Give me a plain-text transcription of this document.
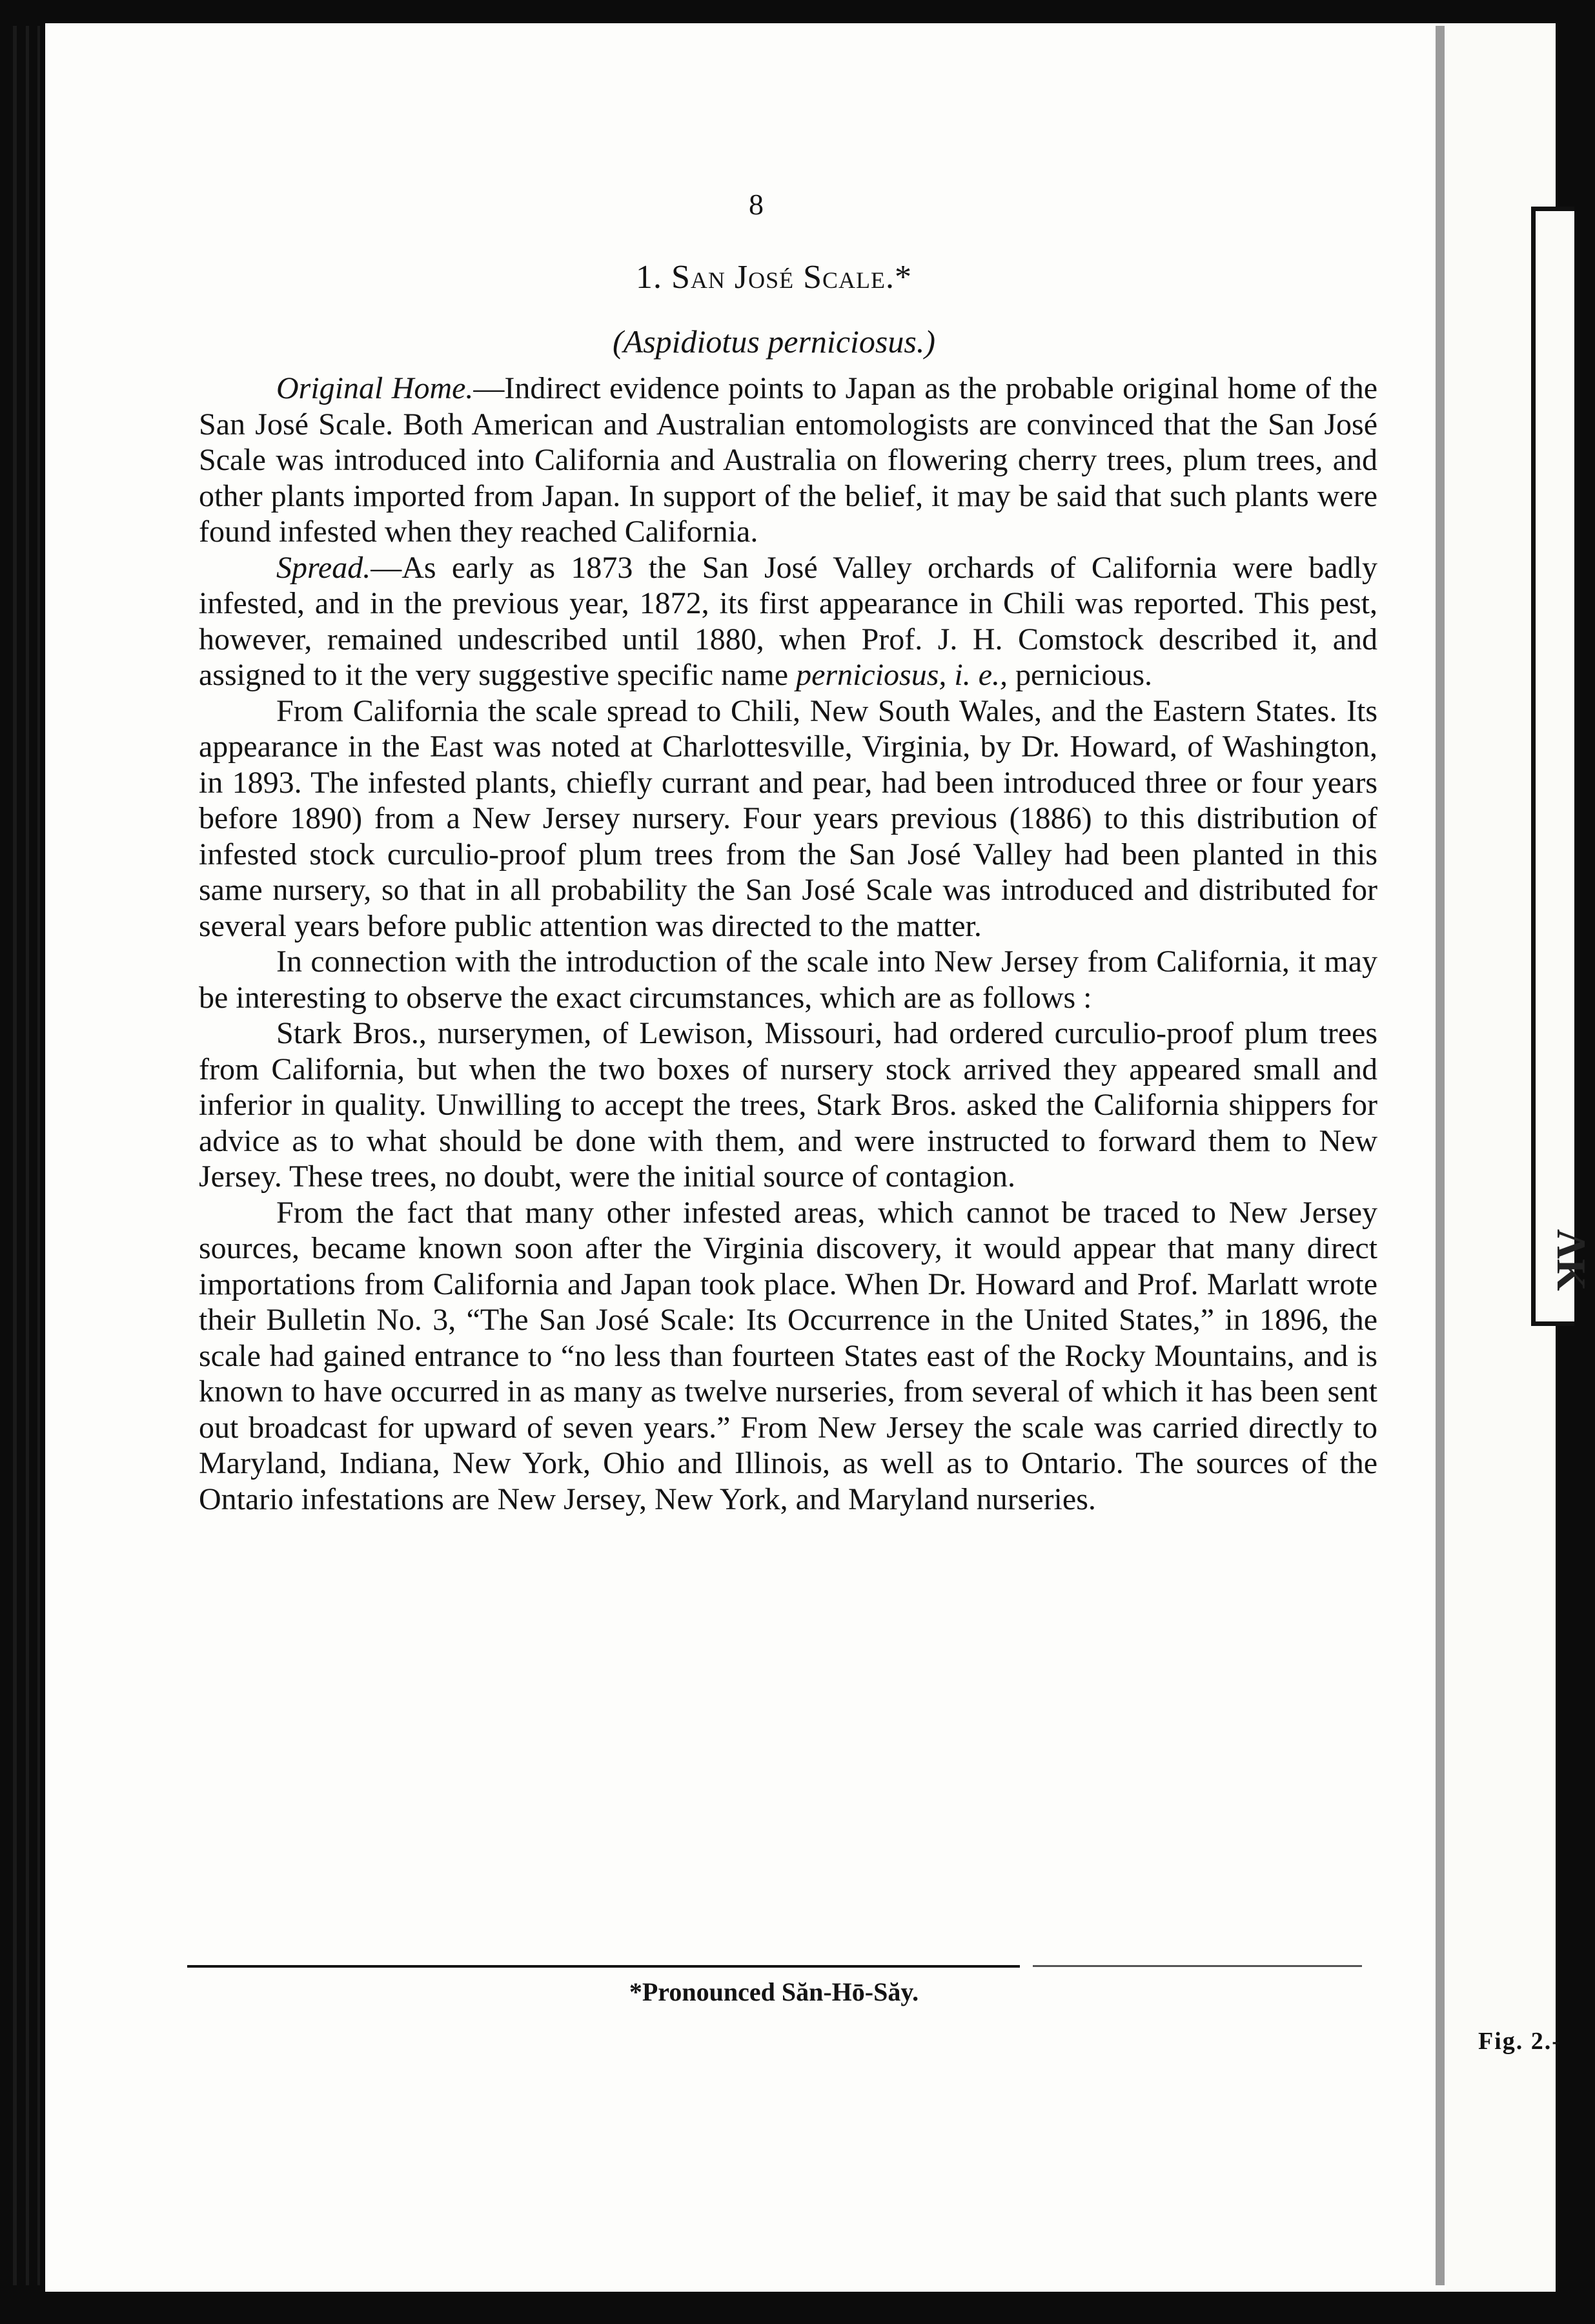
ɅK
Fig. 2.-

8

1. San José Scale.*

(Aspidiotus perniciosus.)

Original Home.—Indirect evidence points to Japan as the probable original home of the San José Scale. Both American and Australian entomologists are convinced that the San José Scale was introduced into California and Australia on flowering cherry trees, plum trees, and other plants imported from Japan. In support of the belief, it may be said that such plants were found infested when they reached California.

Spread.—As early as 1873 the San José Valley orchards of California were badly infested, and in the previous year, 1872, its first appearance in Chili was reported. This pest, however, remained undescribed until 1880, when Prof. J. H. Comstock described it, and assigned to it the very suggestive specific name perniciosus, i. e., pernicious.

From California the scale spread to Chili, New South Wales, and the Eastern States. Its appearance in the East was noted at Charlottesville, Virginia, by Dr. Howard, of Washington, in 1893. The infested plants, chiefly currant and pear, had been introduced three or four years before 1890) from a New Jersey nursery. Four years previous (1886) to this distribution of infested stock curculio-proof plum trees from the San José Valley had been planted in this same nursery, so that in all probability the San José Scale was introduced and distributed for several years before public attention was directed to the matter.

In connection with the introduction of the scale into New Jersey from California, it may be interesting to observe the exact circumstances, which are as follows :

Stark Bros., nurserymen, of Lewison, Missouri, had ordered curculio-proof plum trees from California, but when the two boxes of nursery stock arrived they appeared small and inferior in quality. Unwilling to accept the trees, Stark Bros. asked the California shippers for advice as to what should be done with them, and were instructed to forward them to New Jersey. These trees, no doubt, were the initial source of contagion.

From the fact that many other infested areas, which cannot be traced to New Jersey sources, became known soon after the Virginia discovery, it would appear that many direct importations from California and Japan took place. When Dr. Howard and Prof. Marlatt wrote their Bulletin No. 3, “The San José Scale: Its Occurrence in the United States,” in 1896, the scale had gained entrance to “no less than fourteen States east of the Rocky Mountains, and is known to have occurred in as many as twelve nurseries, from several of which it has been sent out broadcast for upward of seven years.” From New Jersey the scale was carried directly to Maryland, Indiana, New York, Ohio and Illinois, as well as to Ontario. The sources of the Ontario infestations are New Jersey, New York, and Maryland nurseries.

*Pronounced Săn-Hō-Săy.
